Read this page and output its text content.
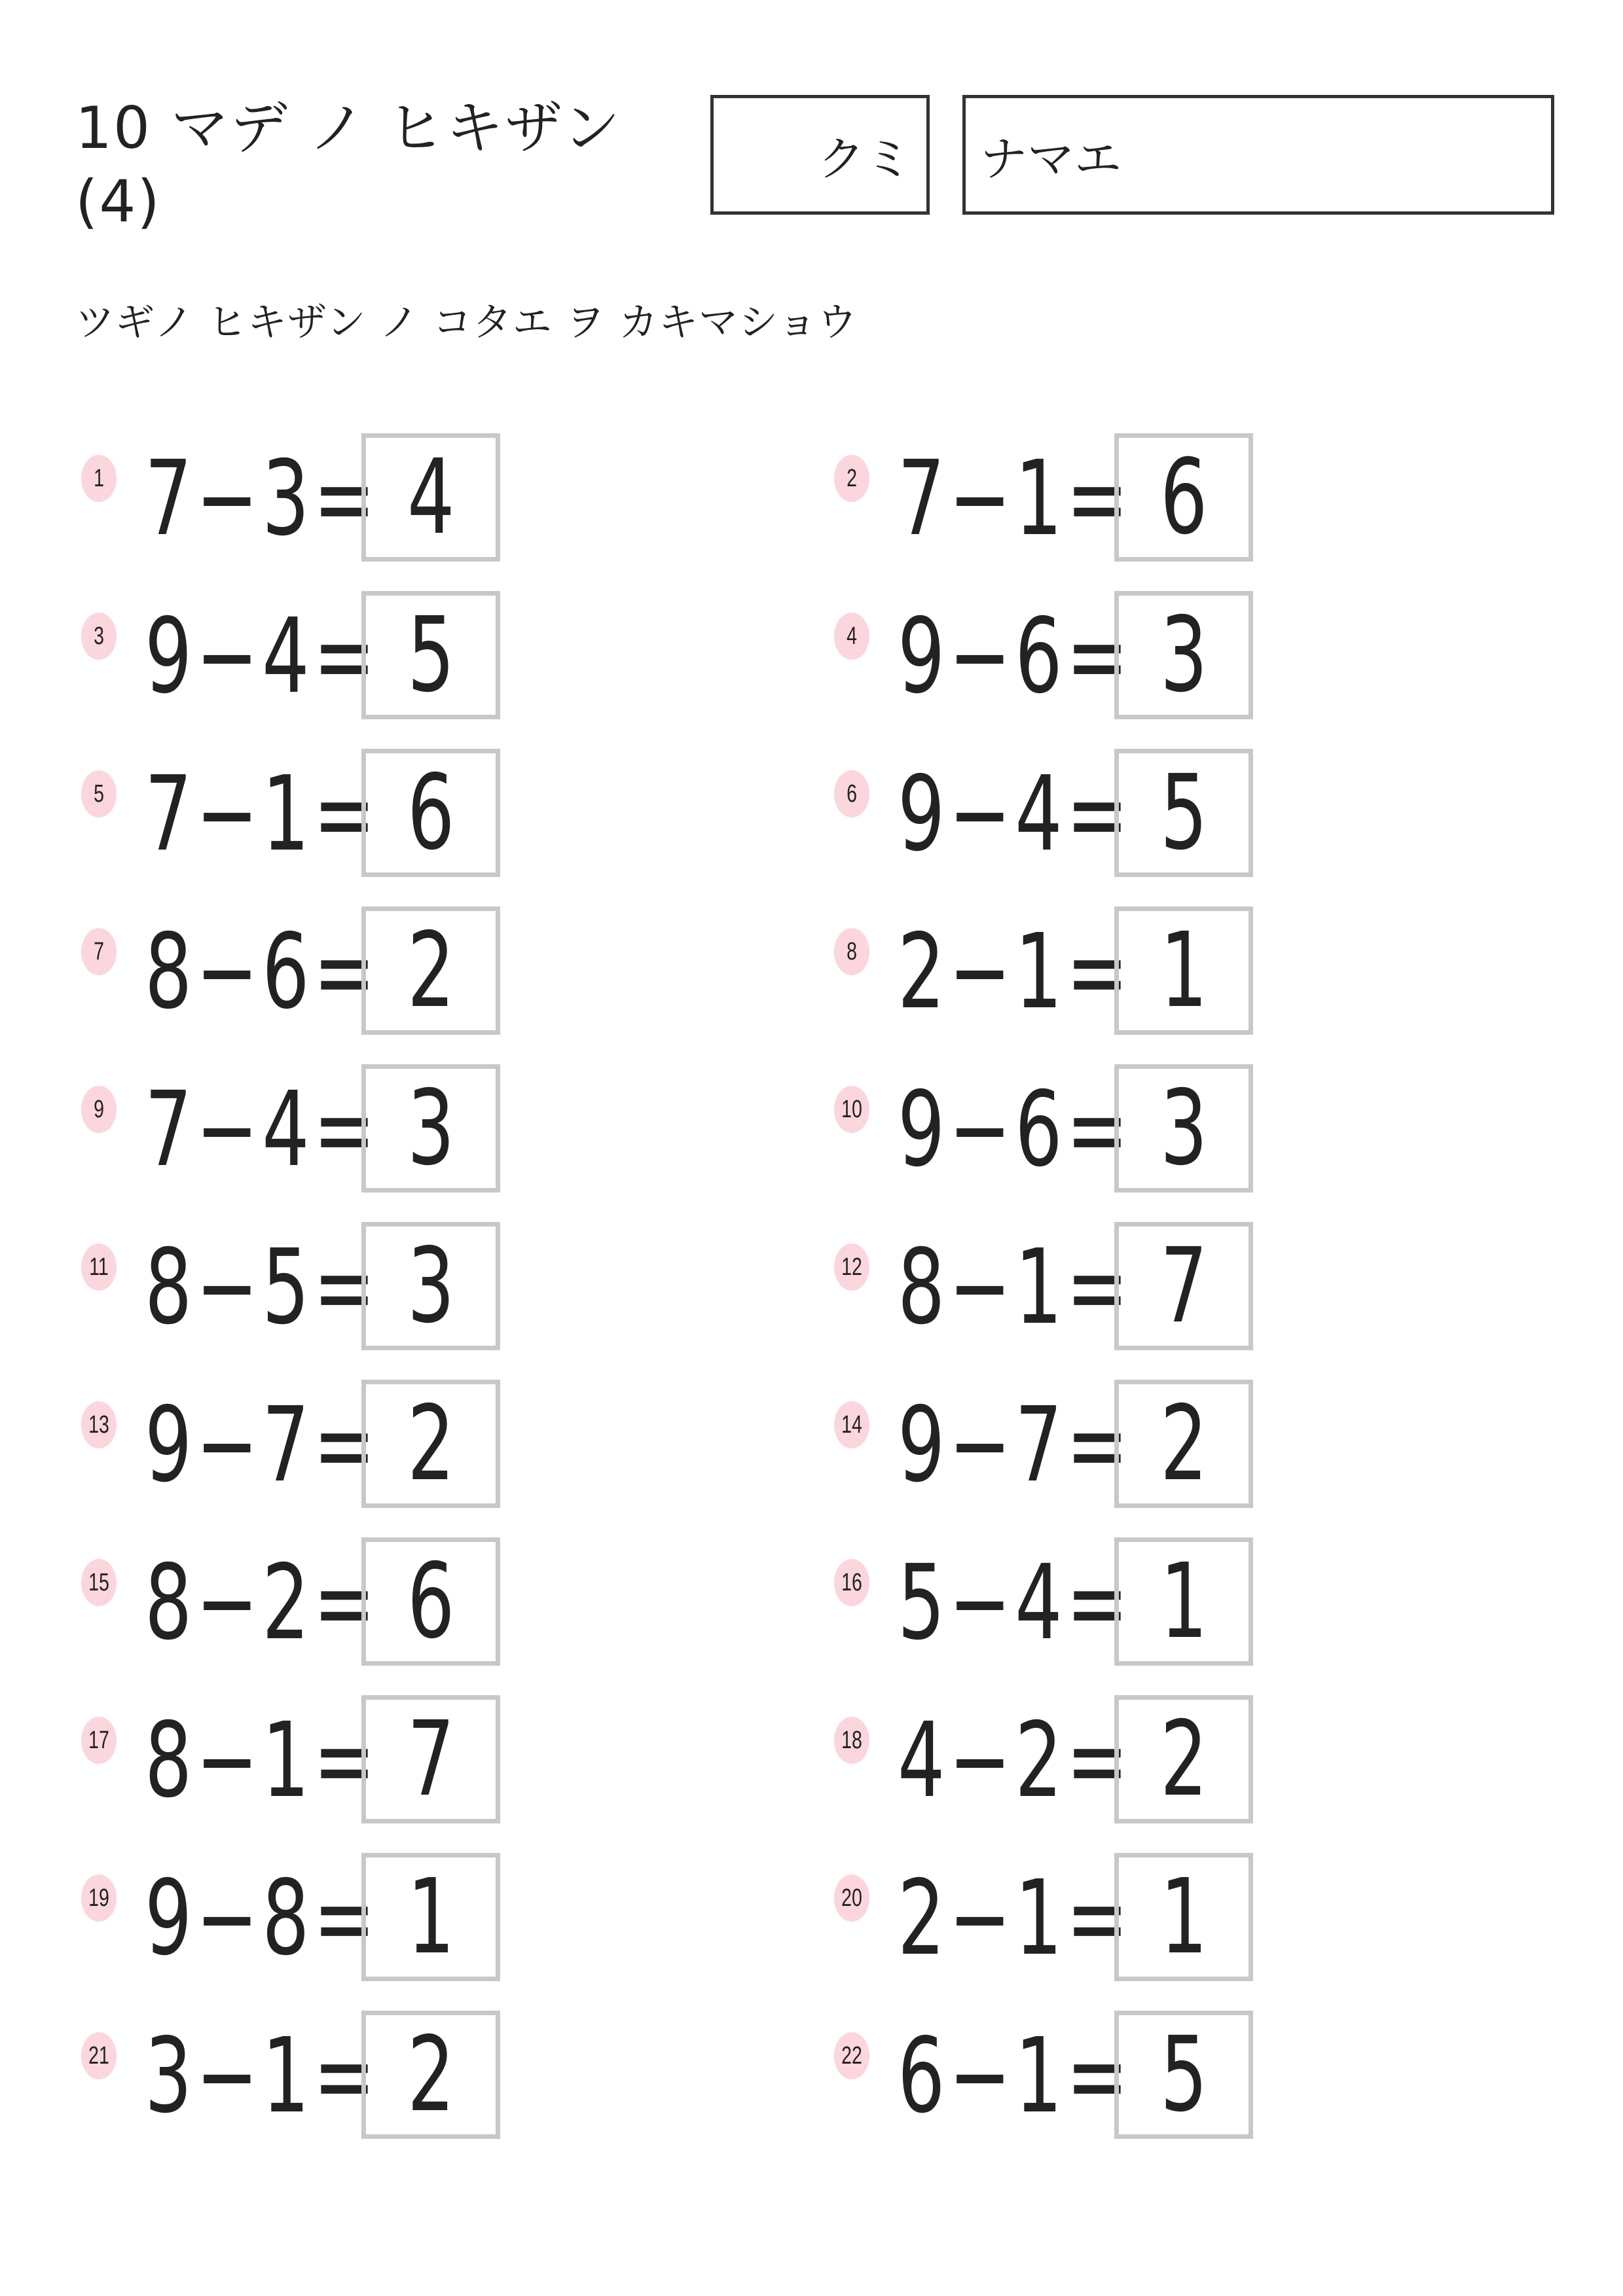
10 マデ ノ ヒキザン
(4)
クミ ナマエ

ツギノ ヒキザン ノ コタエ ヲ カキマショウ

1 7 − 3 = 4	2 7 − 1 = 6
3 9 − 4 = 5	4 9 − 6 = 3
5 7 − 1 = 6	6 9 − 4 = 5
7 8 − 6 = 2	8 2 − 1 = 1
9 7 − 4 = 3	10 9 − 6 = 3
11 8 − 5 = 3	12 8 − 1 = 7
13 9 − 7 = 2	14 9 − 7 = 2
15 8 − 2 = 6	16 5 − 4 = 1
17 8 − 1 = 7	18 4 − 2 = 2
19 9 − 8 = 1	20 2 − 1 = 1
21 3 − 1 = 2	22 6 − 1 = 5
